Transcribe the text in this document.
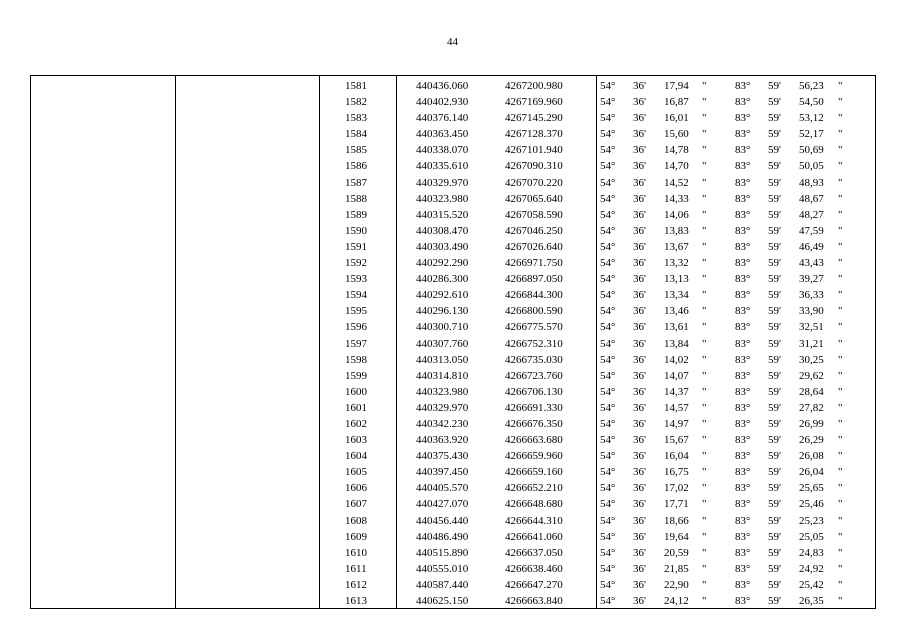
44
1581	440436.060	4267200.980	54° 36' 17,94 "	83° 59' 56,23 "
1582	440402.930	4267169.960	54° 36' 16,87 "	83° 59' 54,50 "
1583	440376.140	4267145.290	54° 36' 16,01 "	83° 59' 53,12 "
1584	440363.450	4267128.370	54° 36' 15,60 "	83° 59' 52,17 "
1585	440338.070	4267101.940	54° 36' 14,78 "	83° 59' 50,69 "
1586	440335.610	4267090.310	54° 36' 14,70 "	83° 59' 50,05 "
1587	440329.970	4267070.220	54° 36' 14,52 "	83° 59' 48,93 "
1588	440323.980	4267065.640	54° 36' 14,33 "	83° 59' 48,67 "
1589	440315.520	4267058.590	54° 36' 14,06 "	83° 59' 48,27 "
1590	440308.470	4267046.250	54° 36' 13,83 "	83° 59' 47,59 "
1591	440303.490	4267026.640	54° 36' 13,67 "	83° 59' 46,49 "
1592	440292.290	4266971.750	54° 36' 13,32 "	83° 59' 43,43 "
1593	440286.300	4266897.050	54° 36' 13,13 "	83° 59' 39,27 "
1594	440292.610	4266844.300	54° 36' 13,34 "	83° 59' 36,33 "
1595	440296.130	4266800.590	54° 36' 13,46 "	83° 59' 33,90 "
1596	440300.710	4266775.570	54° 36' 13,61 "	83° 59' 32,51 "
1597	440307.760	4266752.310	54° 36' 13,84 "	83° 59' 31,21 "
1598	440313.050	4266735.030	54° 36' 14,02 "	83° 59' 30,25 "
1599	440314.810	4266723.760	54° 36' 14,07 "	83° 59' 29,62 "
1600	440323.980	4266706.130	54° 36' 14,37 "	83° 59' 28,64 "
1601	440329.970	4266691.330	54° 36' 14,57 "	83° 59' 27,82 "
1602	440342.230	4266676.350	54° 36' 14,97 "	83° 59' 26,99 "
1603	440363.920	4266663.680	54° 36' 15,67 "	83° 59' 26,29 "
1604	440375.430	4266659.960	54° 36' 16,04 "	83° 59' 26,08 "
1605	440397.450	4266659.160	54° 36' 16,75 "	83° 59' 26,04 "
1606	440405.570	4266652.210	54° 36' 17,02 "	83° 59' 25,65 "
1607	440427.070	4266648.680	54° 36' 17,71 "	83° 59' 25,46 "
1608	440456.440	4266644.310	54° 36' 18,66 "	83° 59' 25,23 "
1609	440486.490	4266641.060	54° 36' 19,64 "	83° 59' 25,05 "
1610	440515.890	4266637.050	54° 36' 20,59 "	83° 59' 24,83 "
1611	440555.010	4266638.460	54° 36' 21,85 "	83° 59' 24,92 "
1612	440587.440	4266647.270	54° 36' 22,90 "	83° 59' 25,42 "
1613	440625.150	4266663.840	54° 36' 24,12 "	83° 59' 26,35 "
